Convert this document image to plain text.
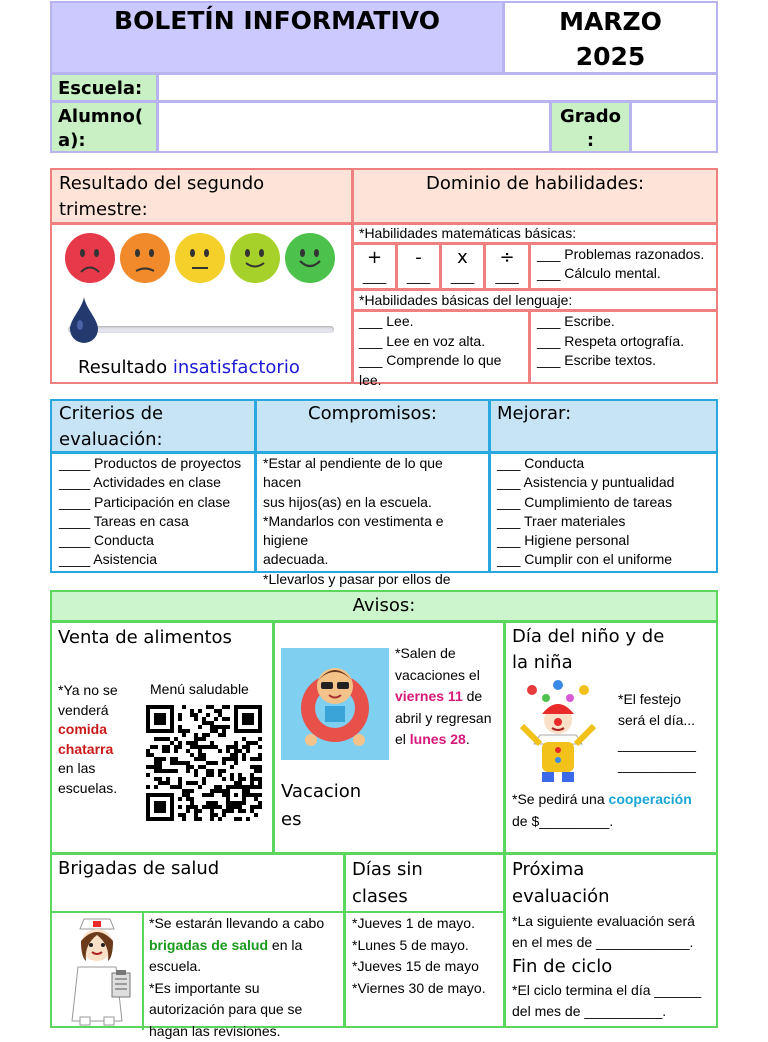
BOLETÍN INFORMATIVO	MARZO
2025
Escuela:
Alumno(
a):
Grado
:
Resultado del segundo
trimestre:
Dominio de habilidades:
Resultado insatisfactorio
*Habilidades matemáticas básicas:
+
___
-
___
x
___
÷
___
___ Problemas razonados.
___ Cálculo mental.
*Habilidades básicas del lenguaje:
___ Lee.
___ Lee en voz alta.
___ Comprende lo que lee.
___ Escribe.
___ Respeta ortografía.
___ Escribe textos.
Criterios de
evaluación:
Compromisos:	Mejorar:
____ Productos de proyectos
____ Actividades en clase
____ Participación en clase
____ Tareas en casa
____ Conducta
____ Asistencia
*Estar al pendiente de lo que hacen
sus hijos(as) en la escuela.
*Mandarlos con vestimenta e higiene
adecuada.
*Llevarlos y pasar por ellos de
___ Conducta
___ Asistencia y puntualidad
___ Cumplimiento de tareas
___ Traer materiales
___ Higiene personal
___ Cumplir con el uniforme
Avisos:
Venta de alimentos
*Ya no se
venderá
comida
chatarra
en las
escuelas.
Menú saludable
*Salen de
vacaciones el
viernes 11 de
abril y regresan
el lunes 28.
Vacacion
es
Día del niño y de
la niña
*El festejo
será el día...
__________
__________
*Se pedirá una cooperación
de $_________.
Brigadas de salud
*Se estarán llevando a cabo
brigadas de salud en la
escuela.
*Es importante su
autorización para que se
hagan las revisiones.
Días sin
clases
*Jueves 1 de mayo.
*Lunes 5 de mayo.
*Jueves 15 de mayo
*Viernes 30 de mayo.
Próxima
evaluación
*La siguiente evaluación será
en el mes de ____________.
Fin de ciclo
*El ciclo termina el día ______
del mes de __________.
